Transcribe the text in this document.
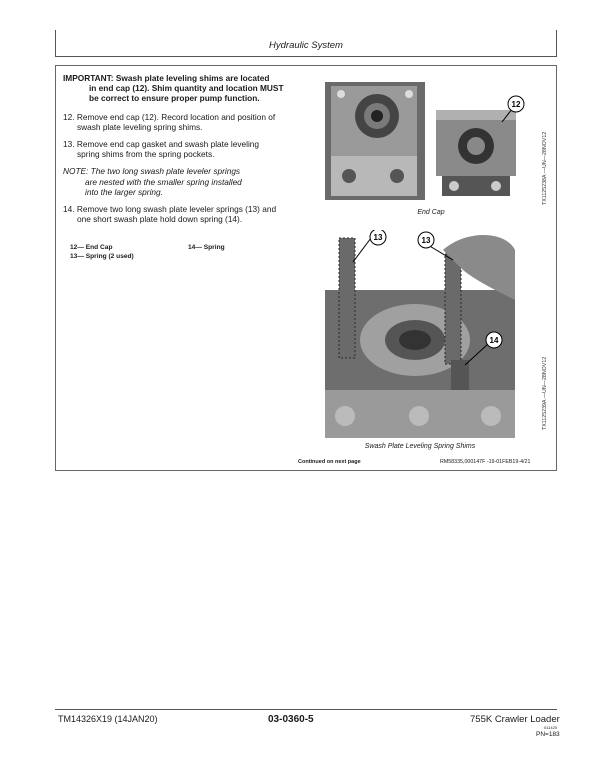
Hydraulic System

IMPORTANT: Swash plate leveling shims are located
in end cap (12). Shim quantity and location MUST
be correct to ensure proper pump function.

12. Remove end cap (12). Record location and position of
swash plate leveling spring shims.

13. Remove end cap gasket and swash plate leveling
spring shims from the spring pockets.

NOTE: The two long swash plate leveler springs
are nested with the smaller spring installed
into the larger spring.

14. Remove two long swash plate leveler springs (13) and
one short swash plate hold down spring (14).

12— End Cap	14— Spring
13— Spring (2 used)
12
End Cap
TX1125238A —UN—28NOV12
13	13
14
Swash Plate Leveling Spring Shims
TX1125239A —UN—28NOV12
Continued on next page	RM58335,000147F -19-01FEB19-4/21
TM14326X19 (14JAN20)	03-0360-5	755K Crawler Loader
011420
PN=183
